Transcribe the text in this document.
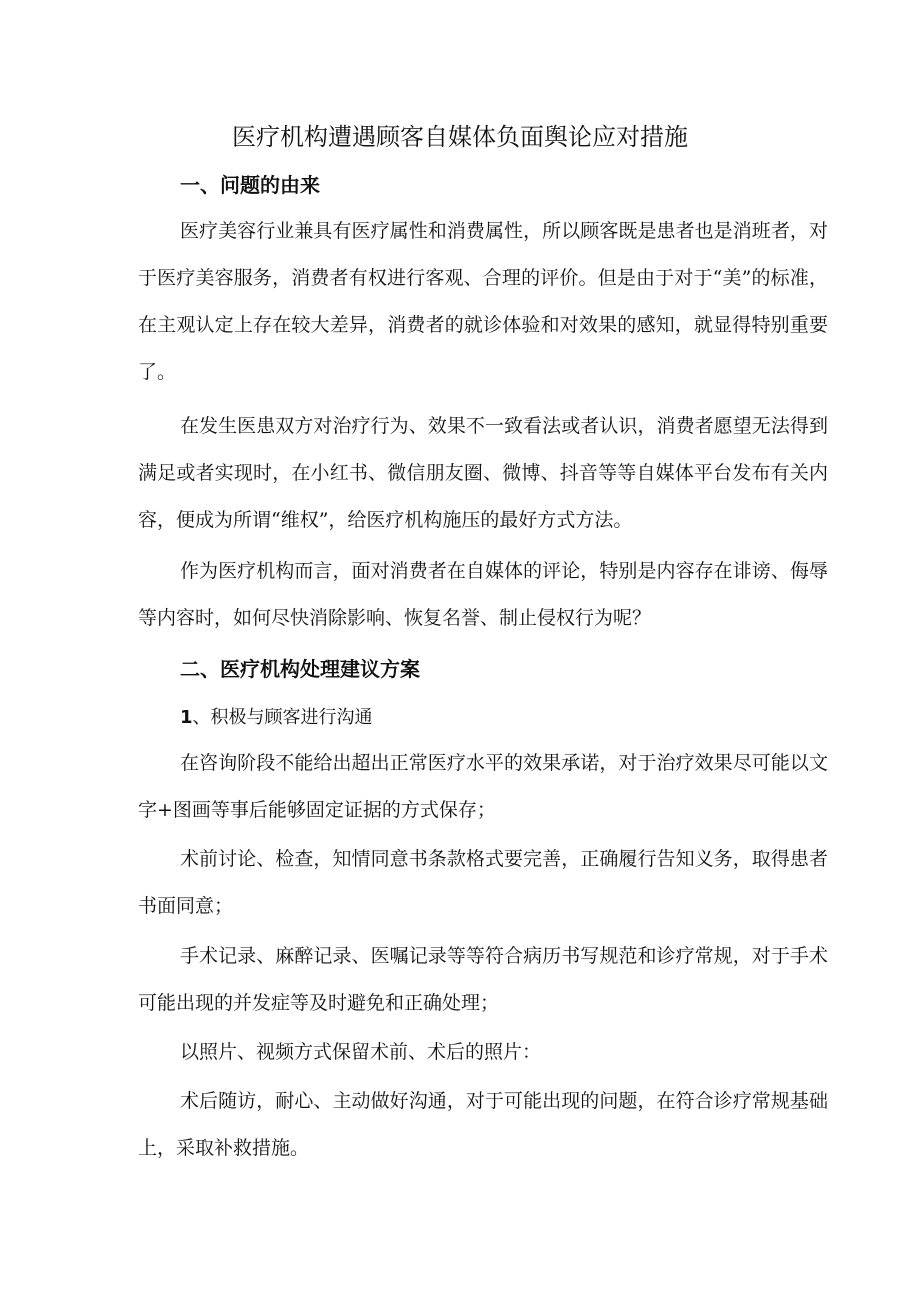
医疗机构遭遇顾客自媒体负面舆论应对措施
一、问题的由来

医疗美容行业兼具有医疗属性和消费属性，所以顾客既是患者也是消班者，对于医疗美容服务，消费者有权进行客观、合理的评价。但是由于对于“美”的标准，在主观认定上存在较大差异，消费者的就诊体验和对效果的感知，就显得特别重要了。

在发生医患双方对治疗行为、效果不一致看法或者认识，消费者愿望无法得到满足或者实现时，在小红书、微信朋友圈、微博、抖音等等自媒体平台发布有关内容，便成为所谓“维权”，给医疗机构施压的最好方式方法。

作为医疗机构而言，面对消费者在自媒体的评论，特别是内容存在诽谤、侮辱等内容时，如何尽快消除影响、恢复名誉、制止侵权行为呢？

二、医疗机构处理建议方案
1、积极与顾客进行沟通

在咨询阶段不能给出超出正常医疗水平的效果承诺，对于治疗效果尽可能以文字+图画等事后能够固定证据的方式保存；

术前讨论、检查，知情同意书条款格式要完善，正确履行告知义务，取得患者书面同意；

手术记录、麻醉记录、医嘱记录等等符合病历书写规范和诊疗常规，对于手术可能出现的并发症等及时避免和正确处理；

以照片、视频方式保留术前、术后的照片：

术后随访，耐心、主动做好沟通，对于可能出现的问题，在符合诊疗常规基础上，采取补救措施。
